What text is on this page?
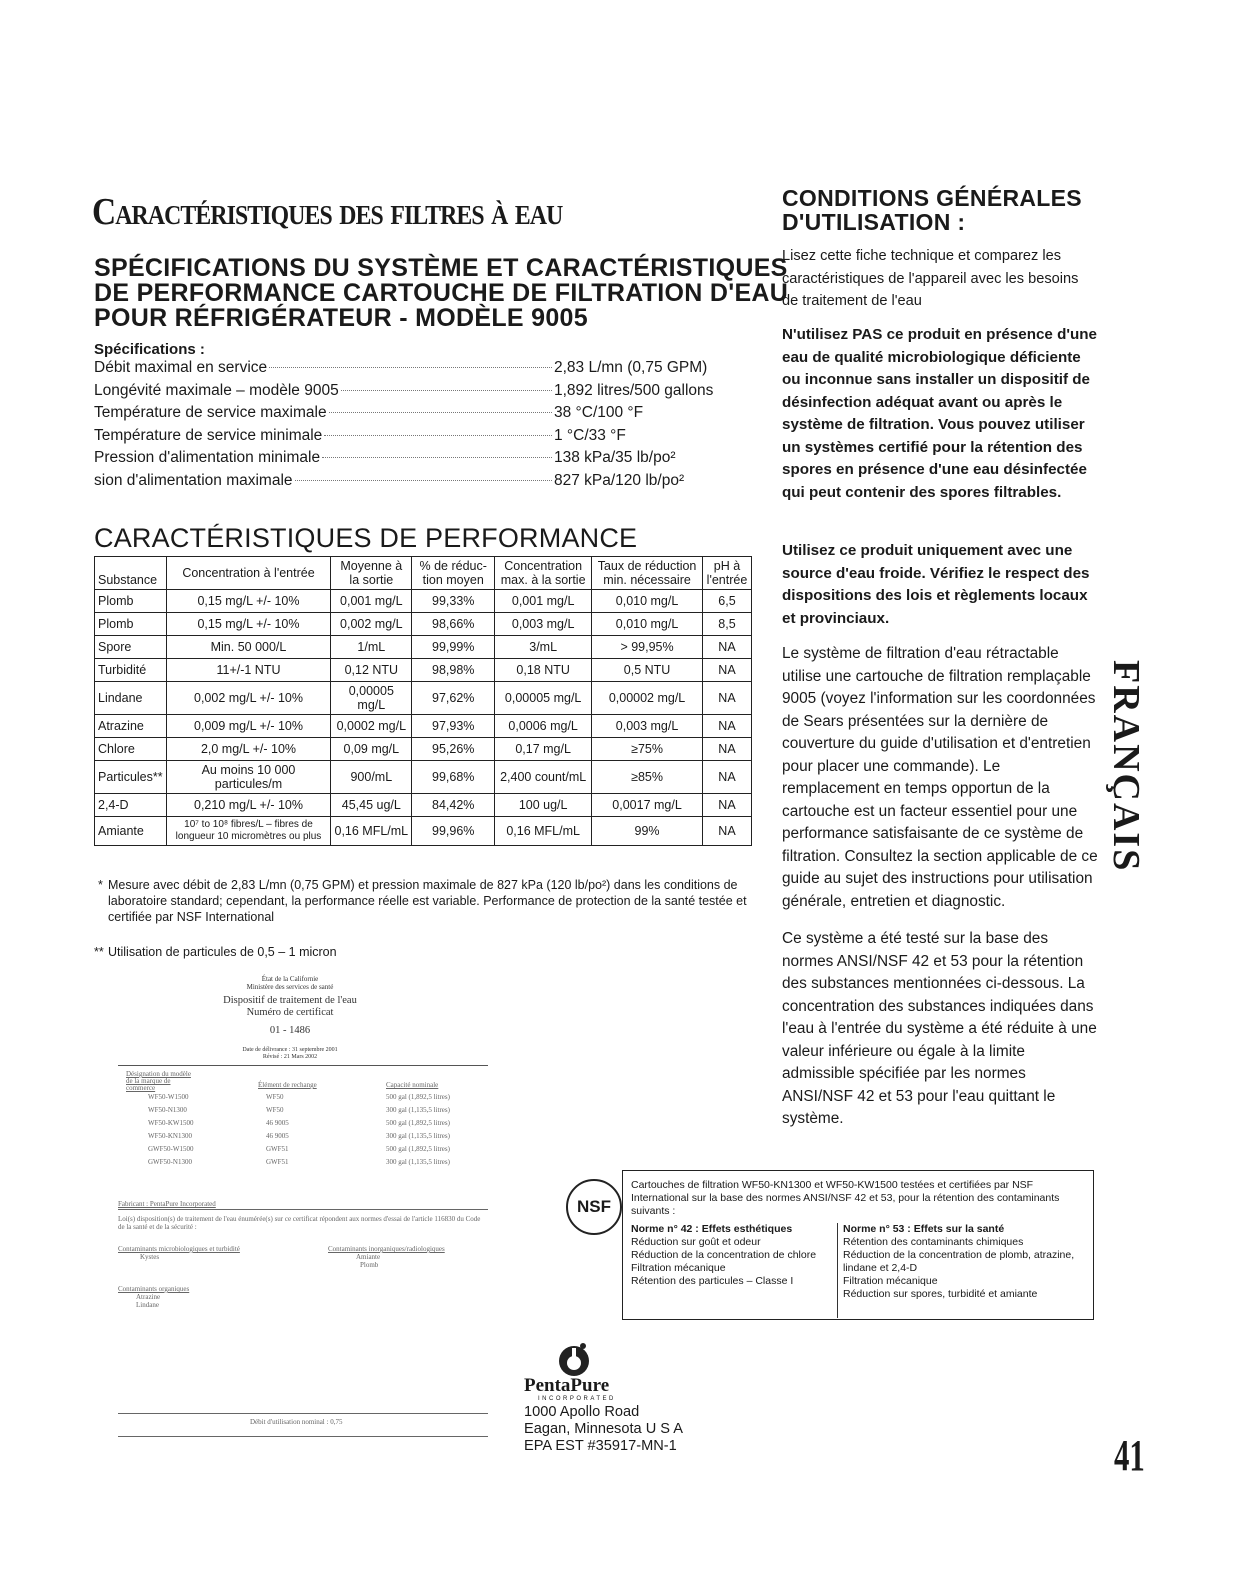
Caractéristiques des filtres à eau
SPÉCIFICATIONS DU SYSTÈME ET CARACTÉRISTIQUES
DE PERFORMANCE CARTOUCHE DE FILTRATION D'EAU
POUR RÉFRIGÉRATEUR - MODÈLE 9005
Spécifications :
Débit maximal en service	2,83 L/mn (0,75 GPM)
Longévité maximale – modèle 9005	1,892 litres/500 gallons
Température de service maximale	38 °C/100 °F
Température de service minimale	1 °C/33 °F
Pression d'alimentation minimale	138 kPa/35 lb/po²
sion d'alimentation maximale	827 kPa/120 lb/po²
CARACTÉRISTIQUES DE PERFORMANCE
Substance	Concentration à l'entrée	Moyenne à la sortie	% de réduc-tion moyen	Concentration max. à la sortie	Taux de réduction min. nécessaire	pH à l'entrée
Plomb	0,15 mg/L +/- 10%	0,001 mg/L	99,33%	0,001 mg/L	0,010 mg/L	6,5
Plomb	0,15 mg/L +/- 10%	0,002 mg/L	98,66%	0,003 mg/L	0,010 mg/L	8,5
Spore	Min. 50 000/L	1/mL	99,99%	3/mL	> 99,95%	NA
Turbidité	11+/-1 NTU	0,12 NTU	98,98%	0,18 NTU	0,5 NTU	NA
Lindane	0,002 mg/L +/- 10%	0,00005 mg/L	97,62%	0,00005 mg/L	0,00002 mg/L	NA
Atrazine	0,009 mg/L +/- 10%	0,0002 mg/L	97,93%	0,0006 mg/L	0,003 mg/L	NA
Chlore	2,0 mg/L +/- 10%	0,09 mg/L	95,26%	0,17 mg/L	≥75%	NA
Particules**	Au moins 10 000 particules/m	900/mL	99,68%	2,400 count/mL	≥85%	NA
2,4-D	0,210 mg/L +/- 10%	45,45 ug/L	84,42%	100 ug/L	0,0017 mg/L	NA
Amiante	10⁷ to 10⁸ fibres/L – fibres de longueur 10 micromètres ou plus	0,16 MFL/mL	99,96%	0,16 MFL/mL	99%	NA
* Mesure avec débit de 2,83 L/mn (0,75 GPM) et pression maximale de 827 kPa (120 lb/po²) dans les conditions de laboratoire standard; cependant, la performance réelle est variable. Performance de protection de la santé testée et certifiée par NSF International
** Utilisation de particules de 0,5 – 1 micron
État de la Californie
Ministère des services de santé
Dispositif de traitement de l'eau
Numéro de certificat
01 - 1486
Date de délivrance : 31 septembre 2001
Révisé : 21 Mars 2002
Désignation du modèle de la marque de commerce	Élément de rechange	Capacité nominale
WF50-W1500	WF50	500 gal (1,892,5 litres)
WF50-N1300	WF50	300 gal (1,135,5 litres)
WF50-KW1500	46 9005	500 gal (1,892,5 litres)
WF50-KN1300	46 9005	300 gal (1,135,5 litres)
GWF50-W1500	GWF51	500 gal (1,892,5 litres)
GWF50-N1300	GWF51	300 gal (1,135,5 litres)
Fabricant : PentaPure Incorporated
Loi(s) disposition(s) de traitement de l'eau énumérée(s) sur ce certificat répondent aux normes d'essai de l'article 116830 du Code de la santé et de la sécurité :
Contaminants microbiologiques et turbidité
Kystes
Contaminants inorganiques/radiologiques
Amiante
Plomb
Contaminants organiques
Atrazine
Lindane
Débit d'utilisation nominal : 0,75
CONDITIONS GÉNÉRALES
D'UTILISATION :
Lisez cette fiche technique et comparez les caractéristiques de l'appareil avec les besoins de traitement de l'eau
N'utilisez PAS ce produit en présence d'une eau de qualité microbiologique déficiente ou inconnue sans installer un dispositif de désinfection adéquat avant ou après le système de filtration. Vous pouvez utiliser un systèmes certifié pour la rétention des spores en présence d'une eau désinfectée qui peut contenir des spores filtrables.
Utilisez ce produit uniquement avec une source d'eau froide. Vérifiez le respect des dispositions des lois et règlements locaux et provinciaux.
Le système de filtration d'eau rétractable utilise une cartouche de filtration remplaçable 9005 (voyez l'information sur les coordonnées de Sears présentées sur la dernière de couverture du guide d'utilisation et d'entretien pour placer une commande). Le remplacement en temps opportun de la cartouche est un facteur essentiel pour une performance satisfaisante de ce système de filtration. Consultez la section applicable de ce guide au sujet des instructions pour utilisation générale, entretien et diagnostic.
Ce système a été testé sur la base des normes ANSI/NSF 42 et 53 pour la rétention des substances mentionnées ci-dessous. La concentration des substances indiquées dans l'eau à l'entrée du système a été réduite à une valeur inférieure ou égale à la limite admissible spécifiée par les normes ANSI/NSF 42 et 53 pour l'eau quittant le système.
FRANÇAIS
NSF
Cartouches de filtration WF50-KN1300 et WF50-KW1500 testées et certifiées par NSF International sur la base des normes ANSI/NSF 42 et 53, pour la rétention des contaminants suivants :
Norme n° 42 : Effets esthétiques
Réduction sur goût et odeur
Réduction de la concentration de chlore
Filtration mécanique
Rétention des particules – Classe I
Norme n° 53 : Effets sur la santé
Rétention des contaminants chimiques
Réduction de la concentration de plomb, atrazine, lindane et 2,4-D
Filtration mécanique
Réduction sur spores, turbidité et amiante
PentaPure
INCORPORATED
1000 Apollo Road
Eagan, Minnesota U S A
EPA EST #35917-MN-1	41
